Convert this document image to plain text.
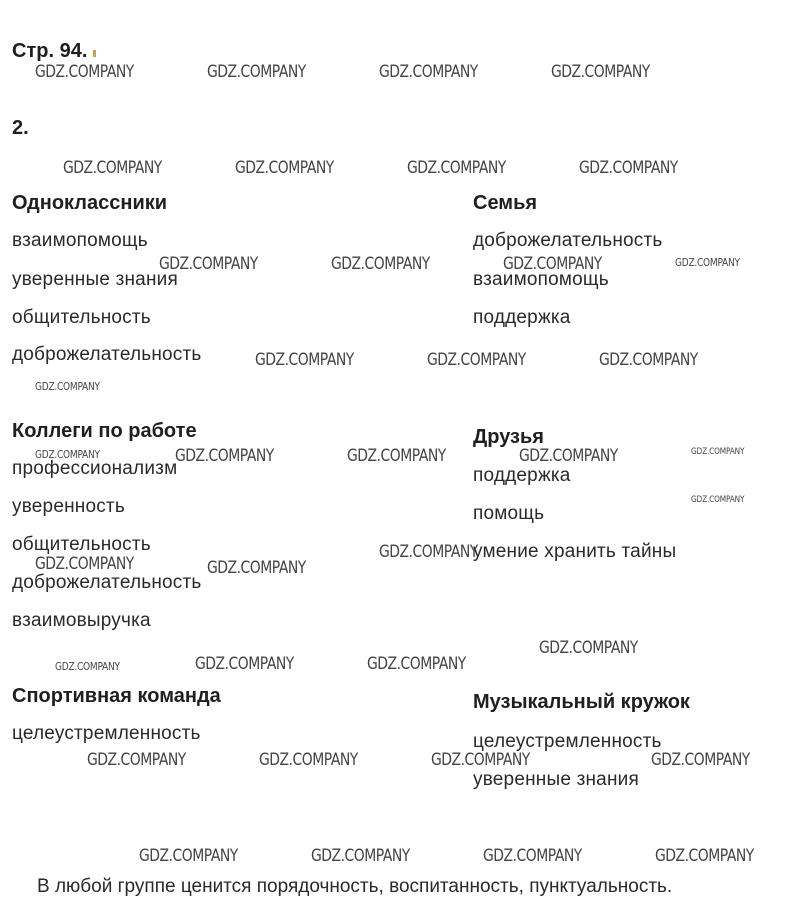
Стр. 94.
2.
Одноклассники
взаимопомощь
уверенные знания
общительность
доброжелательность
Семья
доброжелательность
взаимопомощь
поддержка
Коллеги по работе
профессионализм
уверенность
общительность
доброжелательность
взаимовыручка
Друзья
поддержка
помощь
умение хранить тайны
Спортивная команда
целеустремленность
Музыкальный кружок
целеустремленность
уверенные знания
В любой группе ценится порядочность, воспитанность, пунктуальность.
GDZ.COMPANY	GDZ.COMPANY	GDZ.COMPANY	GDZ.COMPANY
GDZ.COMPANY	GDZ.COMPANY	GDZ.COMPANY	GDZ.COMPANY
GDZ.COMPANY	GDZ.COMPANY	GDZ.COMPANY	GDZ.COMPANY
GDZ.COMPANY	GDZ.COMPANY	GDZ.COMPANY
GDZ.COMPANY
GDZ.COMPANY	GDZ.COMPANY	GDZ.COMPANY	GDZ.COMPANY	GDZ.COMPANY
GDZ.COMPANY
GDZ.COMPANY
GDZ.COMPANY	GDZ.COMPANY
GDZ.COMPANY
GDZ.COMPANY	GDZ.COMPANY	GDZ.COMPANY
GDZ.COMPANY	GDZ.COMPANY	GDZ.COMPANY	GDZ.COMPANY
GDZ.COMPANY	GDZ.COMPANY	GDZ.COMPANY	GDZ.COMPANY
